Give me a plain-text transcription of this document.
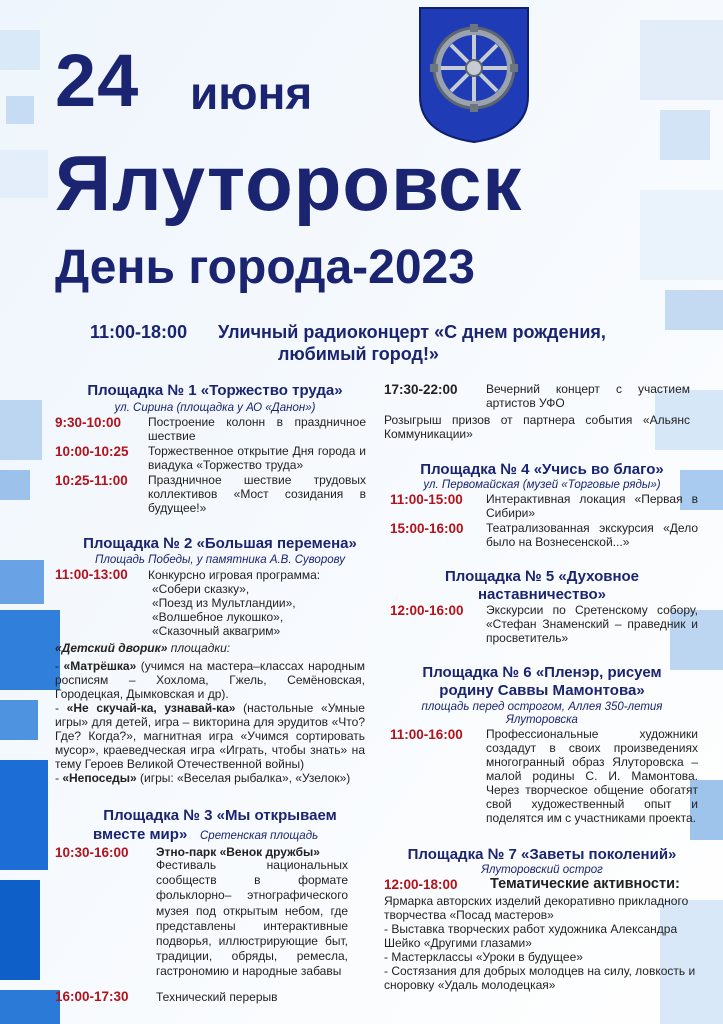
24 июня
Ялуторовск
День города-2023
11:00-18:00 Уличный радиоконцерт «С днем рождения,
любимый город!»
Площадка № 1 «Торжество труда»
ул. Сирина (площадка у АО «Данон»)
9:30-10:00 Построение колонн в праздничное шествие
10:00-10:25 Торжественное открытие Дня города и виадука «Торжество труда»
10:25-11:00 Праздничное шествие трудовых коллективов «Мост созидания в будущее!»
Площадка № 2 «Большая перемена»
Площадь Победы, у памятника А.В. Суворову
11:00-13:00 Конкурсно игровая программа:
«Собери сказку»,
«Поезд из Мультландии»,
«Волшебное лукошко»,
«Сказочный аквагрим»
«Детский дворик» площадки:
- «Матрёшка» (учимся на мастера–классах народным росписям – Хохлома, Гжель, Семёновская, Городецкая, Дымковская и др).
- «Не скучай-ка, узнавай-ка» (настольные «Умные игры» для детей, игра – викторина для эрудитов «Что? Где? Когда?», магнитная игра «Учимся сортировать мусор», краеведческая игра «Играть, чтобы знать» на тему Героев Великой Отечественной войны)
- «Непоседы» (игры: «Веселая рыбалка», «Узелок»)
Площадка № 3 «Мы открываем
вместе мир» Сретенская площадь
10:30-16:00 Этно-парк «Венок дружбы»
Фестиваль национальных сообществ в формате фольклорно– этнографического музея под открытым небом, где представлены интерактивные подворья, иллюстрирующие быт, традиции, обряды, ремесла, гастрономию и народные забавы
16:00-17:30 Технический перерыв
17:30-22:00 Вечерний концерт с участием артистов УФО
Розыгрыш призов от партнера события «Альянс Коммуникации»
Площадка № 4 «Учись во благо»
ул. Первомайская (музей «Торговые ряды»)
11:00-15:00 Интерактивная локация «Первая в Сибири»
15:00-16:00 Театрализованная экскурсия «Дело было на Вознесенской...»
Площадка № 5 «Духовное
наставничество»
12:00-16:00 Экскурсии по Сретенскому собору, «Стефан Знаменский – праведник и просветитель»
Площадка № 6 «Пленэр, рисуем
родину Саввы Мамонтова»
площадь перед острогом, Аллея 350-летия
Ялуторовска
11:00-16:00 Профессиональные художники создадут в своих произведениях многогранный образ Ялуторовска – малой родины С. И. Мамонтова. Через творческое общение обогатят свой художественный опыт и поделятся им с участниками проекта.
Площадка № 7 «Заветы поколений»
Ялуторовский острог
12:00-18:00 Тематические активности:
Ярмарка авторских изделий декоративно прикладного творчества «Посад мастеров»
- Выставка творческих работ художника Александра Шейко «Другими глазами»
- Мастерклассы «Уроки в будущее»
- Состязания для добрых молодцев на силу, ловкость и сноровку «Удаль молодецкая»
